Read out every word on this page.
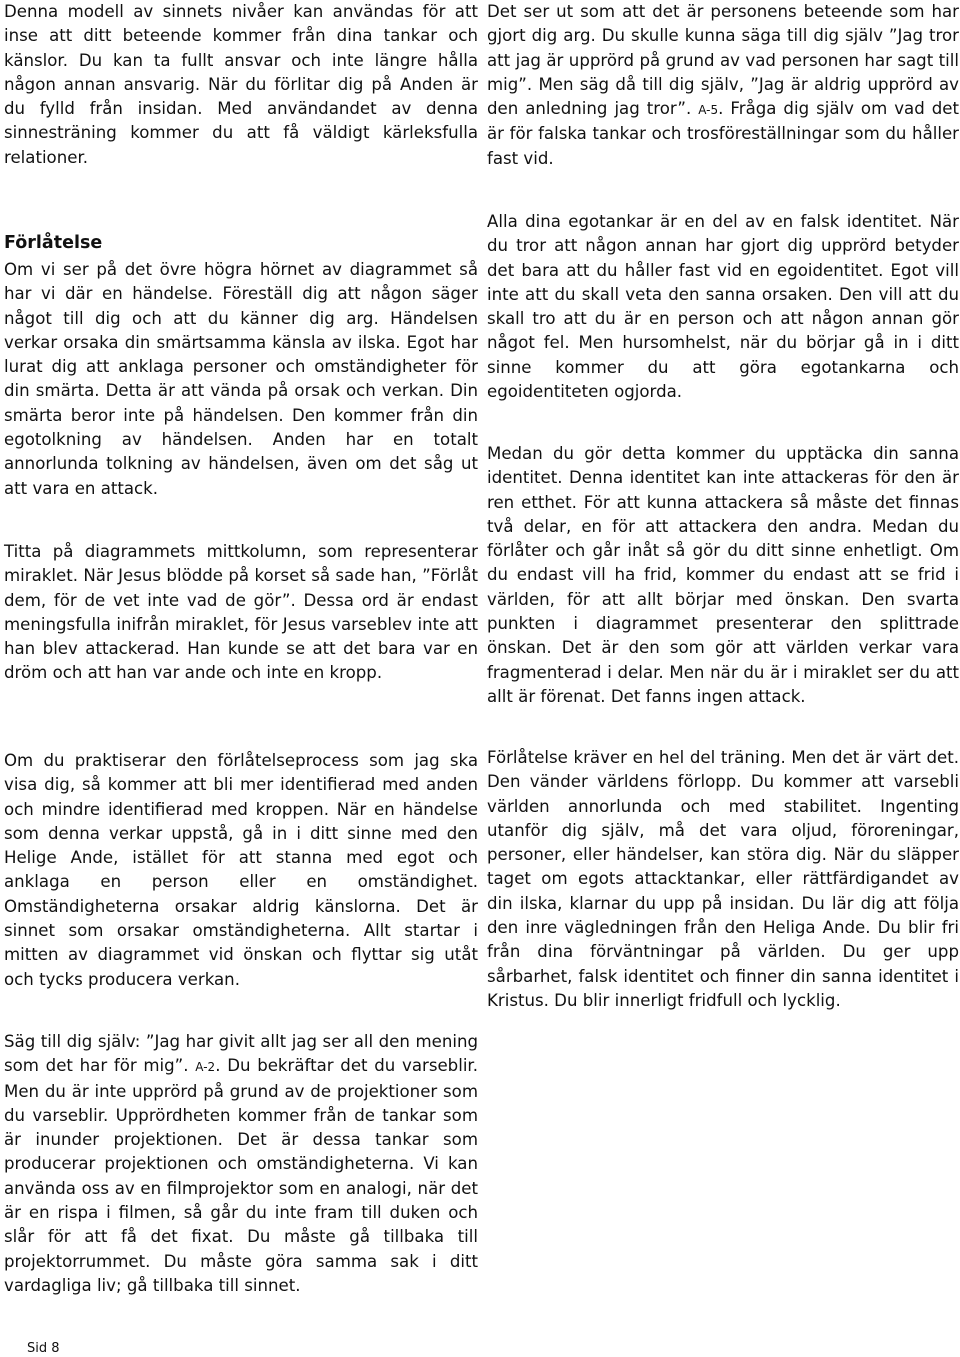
Denna modell av sinnets nivåer kan användas för att inse att ditt beteende kommer från dina tankar och känslor. Du kan ta fullt ansvar och inte längre hålla någon annan ansvarig. När du förlitar dig på Anden är du fylld från insidan. Med användandet av denna sinnesträning kommer du att få väldigt kärleksfulla relationer.

Förlåtelse

Om vi ser på det övre högra hörnet av diagrammet så har vi där en händelse. Föreställ dig att någon säger något till dig och att du känner dig arg. Händelsen verkar orsaka din smärtsamma känsla av ilska. Egot har lurat dig att anklaga personer och omständigheter för din smärta. Detta är att vända på orsak och verkan. Din smärta beror inte på händelsen. Den kommer från din egotolkning av händelsen. Anden har en totalt annorlunda tolkning av händelsen, även om det såg ut att vara en attack.

Titta på diagrammets mittkolumn, som representerar miraklet. När Jesus blödde på korset så sade han, ”Förlåt dem, för de vet inte vad de gör”. Dessa ord är endast meningsfulla inifrån miraklet, för Jesus varseblev inte att han blev attackerad. Han kunde se att det bara var en dröm och att han var ande och inte en kropp.

Om du praktiserar den förlåtelseprocess som jag ska visa dig, så kommer att bli mer identifierad med anden och mindre identifierad med kroppen. När en händelse som denna verkar uppstå, gå in i ditt sinne med den Helige Ande, istället för att stanna med egot och anklaga en person eller en omständighet. Omständigheterna orsakar aldrig känslorna. Det är sinnet som orsakar omständigheterna. Allt startar i mitten av diagrammet vid önskan och flyttar sig utåt och tycks producera verkan.

Säg till dig själv: ”Jag har givit allt jag ser all den mening som det har för mig”. A-2. Du bekräftar det du varseblir. Men du är inte upprörd på grund av de projektioner som du varseblir. Upprördheten kommer från de tankar som är inunder projektionen. Det är dessa tankar som producerar projektionen och omständigheterna. Vi kan använda oss av en filmprojektor som en analogi, när det är en rispa i filmen, så går du inte fram till duken och slår för att få det fixat. Du måste gå tillbaka till projektorrummet. Du måste göra samma sak i ditt vardagliga liv; gå tillbaka till sinnet.

Det ser ut som att det är personens beteende som har gjort dig arg. Du skulle kunna säga till dig själv ”Jag tror att jag är upprörd på grund av vad personen har sagt till mig”. Men säg då till dig själv, ”Jag är aldrig upprörd av den anledning jag tror”. A-5. Fråga dig själv om vad det är för falska tankar och trosföreställningar som du håller fast vid.

Alla dina egotankar är en del av en falsk identitet. När du tror att någon annan har gjort dig upprörd betyder det bara att du håller fast vid en egoidentitet. Egot vill inte att du skall veta den sanna orsaken. Den vill att du skall tro att du är en person och att någon annan gör något fel. Men hursomhelst, när du börjar gå in i ditt sinne kommer du att göra egotankarna och egoidentiteten ogjorda.

Medan du gör detta kommer du upptäcka din sanna identitet. Denna identitet kan inte attackeras för den är ren etthet. För att kunna attackera så måste det finnas två delar, en för att attackera den andra. Medan du förlåter och går inåt så gör du ditt sinne enhetligt. Om du endast vill ha frid, kommer du endast att se frid i världen, för att allt börjar med önskan. Den svarta punkten i diagrammet presenterar den splittrade önskan. Det är den som gör att världen verkar vara fragmenterad i delar. Men när du är i miraklet ser du att allt är förenat. Det fanns ingen attack.

Förlåtelse kräver en hel del träning. Men det är värt det. Den vänder världens förlopp. Du kommer att varsebli världen annorlunda och med stabilitet. Ingenting utanför dig själv, må det vara oljud, föroreningar, personer, eller händelser, kan störa dig. När du släpper taget om egots attacktankar, eller rättfärdigandet av din ilska, klarnar du upp på insidan. Du lär dig att följa den inre vägledningen från den Heliga Ande. Du blir fri från dina förväntningar på världen. Du ger upp sårbarhet, falsk identitet och finner din sanna identitet i Kristus. Du blir innerligt fridfull och lycklig.

Sid 8
